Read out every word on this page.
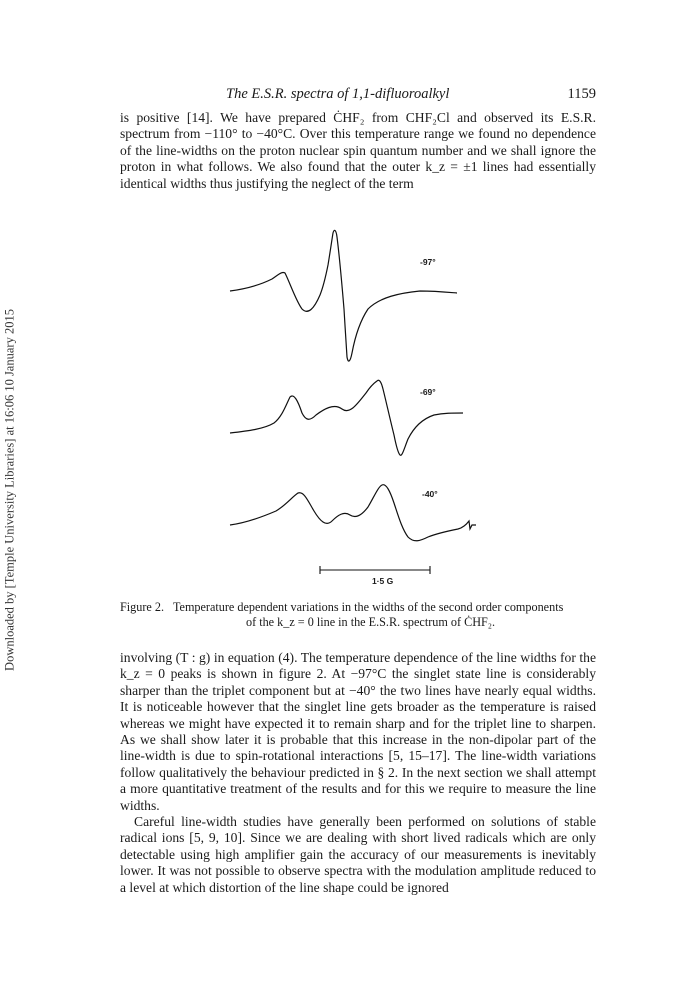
The E.S.R. spectra of 1,1-difluoroalkyl	1159
Downloaded by [Temple University Libraries] at 16:06 10 January 2015

is positive [14]. We have prepared ĊHF₂ from CHF₂Cl and observed its E.S.R. spectrum from −110° to −40°C. Over this temperature range we found no dependence of the line-widths on the proton nuclear spin quantum number and we shall ignore the proton in what follows. We also found that the outer k_z = ±1 lines had essentially identical widths thus justifying the neglect of the term

-97°
-69°
-40°
1·5 G
Figure 2. Temperature dependent variations in the widths of the second order components
of the k_z = 0 line in the E.S.R. spectrum of ĊHF₂.

involving (T : g) in equation (4). The temperature dependence of the line widths for the k_z = 0 peaks is shown in figure 2. At −97°C the singlet state line is considerably sharper than the triplet component but at −40° the two lines have nearly equal widths. It is noticeable however that the singlet line gets broader as the temperature is raised whereas we might have expected it to remain sharp and for the triplet line to sharpen. As we shall show later it is probable that this increase in the non-dipolar part of the line-width is due to spin-rotational interactions [5, 15–17]. The line-width variations follow qualitatively the behaviour predicted in § 2. In the next section we shall attempt a more quantitative treatment of the results and for this we require to measure the line widths.

Careful line-width studies have generally been performed on solutions of stable radical ions [5, 9, 10]. Since we are dealing with short lived radicals which are only detectable using high amplifier gain the accuracy of our measurements is inevitably lower. It was not possible to observe spectra with the modulation amplitude reduced to a level at which distortion of the line shape could be ignored
